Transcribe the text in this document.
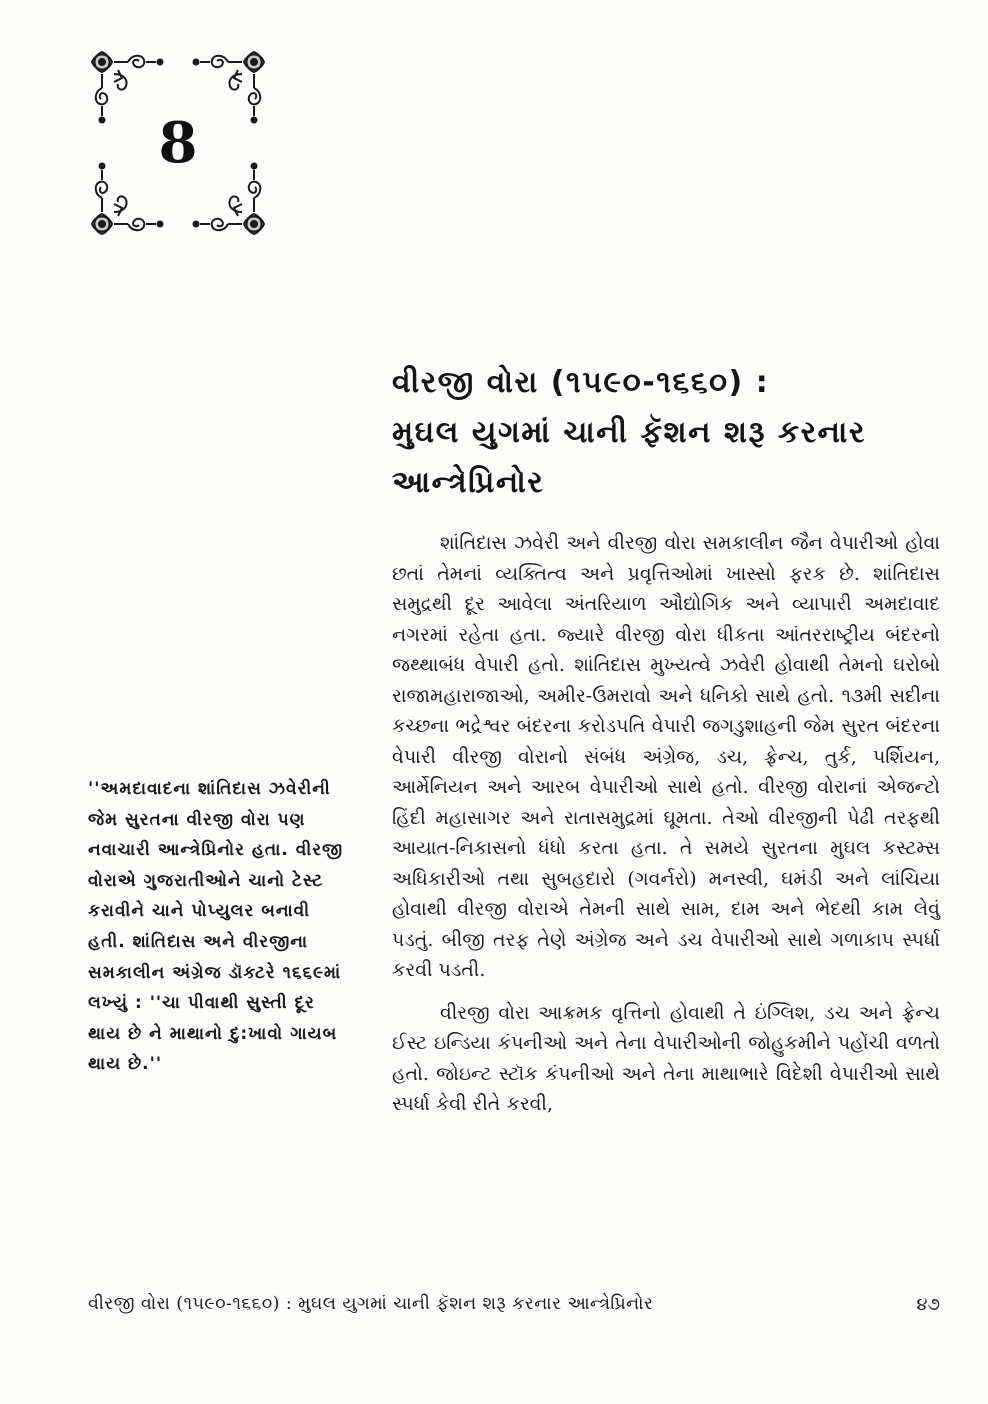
8
વીરજી વોરા (૧૫૯૦-૧૬૬૦) :
મુઘલ યુગમાં ચાની ફૅશન શરૂ કરનાર
આન્ત્રેપ્રિનોર

શાંતિદાસ ઝવેરી અને વીરજી વોરા સમકાલીન જૈન વેપારીઓ હોવા છતાં તેમનાં વ્યક્તિત્વ અને પ્રવૃત્તિઓમાં ખાસ્સો ફરક છે. શાંતિદાસ સમુદ્રથી દૂર આવેલા અંતરિયાળ ઔદ્યોગિક અને વ્યાપારી અમદાવાદ નગરમાં રહેતા હતા. જ્યારે વીરજી વોરા ધીકતા આંતરરાષ્ટ્રીય બંદરનો જથ્થાબંધ વેપારી હતો. શાંતિદાસ મુખ્યત્વે ઝવેરી હોવાથી તેમનો ઘરોબો રાજામહારાજાઓ, અમીર-ઉમરાવો અને ધનિકો સાથે હતો. ૧૩મી સદીના કચ્છના ભદ્રેશ્વર બંદરના કરોડપતિ વેપારી જગડુશાહની જેમ સુરત બંદરના વેપારી વીરજી વોરાનો સંબંધ અંગ્રેજ, ડચ, ફ્રેન્ચ, તુર્ક, પર્શિયન, આર્મેનિયન અને આરબ વેપારીઓ સાથે હતો. વીરજી વોરાનાં એજન્ટો હિંદી મહાસાગર અને રાતાસમુદ્રમાં ઘૂમતા. તેઓ વીરજીની પેઢી તરફથી આયાત-નિકાસનો ધંધો કરતા હતા. તે સમયે સુરતના મુઘલ કસ્ટમ્સ અધિકારીઓ તથા સુબહદારો (ગવર્નરો) મનસ્વી, ઘમંડી અને લાંચિયા હોવાથી વીરજી વોરાએ તેમની સાથે સામ, દામ અને ભેદથી કામ લેવું પડતું. બીજી તરફ તેણે અંગ્રેજ અને ડચ વેપારીઓ સાથે ગળાકાપ સ્પર્ધા કરવી પડતી.

વીરજી વોરા આક્રમક વૃત્તિનો હોવાથી તે ઇંગ્લિશ, ડચ અને ફ્રેન્ચ ઈસ્ટ ઇન્ડિયા કંપનીઓ અને તેના વેપારીઓની જોહુકમીને પહોંચી વળતો હતો. જોઇન્ટ સ્ટૉક કંપનીઓ અને તેના માથાભારે વિદેશી વેપારીઓ સાથે સ્પર્ધા કેવી રીતે કરવી,

''અમદાવાદના શાંતિદાસ ઝવેરીની જેમ સુરતના વીરજી વોરા પણ નવાચારી આન્ત્રેપ્રિનોર હતા. વીરજી વોરાએ ગુજરાતીઓને ચાનો ટેસ્ટ કરાવીને ચાને પોપ્યુલર બનાવી હતી. શાંતિદાસ અને વીરજીના સમકાલીન અંગ્રેજ ડૉક્ટરે ૧૬૬૯માં લખ્યું : ''ચા પીવાથી સુસ્તી દૂર થાય છે ને માથાનો દુ:ખાવો ગાયબ થાય છે.''

વીરજી વોરા (૧૫૯૦-૧૬૬૦) : મુઘલ યુગમાં ચાની ફૅશન શરૂ કરનાર આન્ત્રેપ્રિનોર	૪૭
